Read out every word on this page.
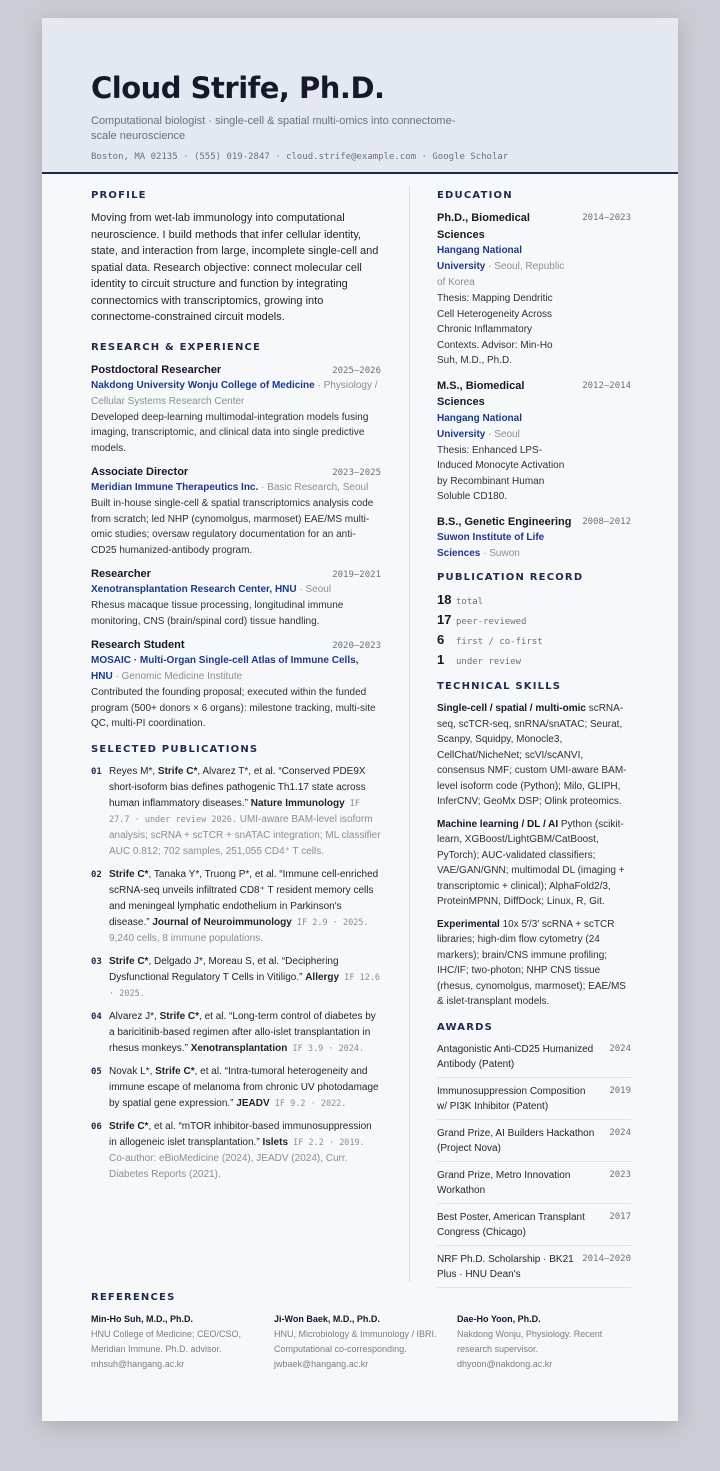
Cloud Strife, Ph.D.
Computational biologist · single-cell & spatial multi-omics into connectome-scale neuroscience
Boston, MA 02135 · (555) 019-2847 · cloud.strife@example.com · Google Scholar
PROFILE
Moving from wet-lab immunology into computational neuroscience. I build methods that infer cellular identity, state, and interaction from large, incomplete single-cell and spatial data. Research objective: connect molecular cell identity to circuit structure and function by integrating connectomics with transcriptomics, growing into connectome-constrained circuit models.
RESEARCH & EXPERIENCE
Postdoctoral Researcher	2025–2026
Nakdong University Wonju College of Medicine · Physiology / Cellular Systems Research Center
Developed deep-learning multimodal-integration models fusing imaging, transcriptomic, and clinical data into single predictive models.
Associate Director	2023–2025
Meridian Immune Therapeutics Inc. · Basic Research, Seoul
Built in-house single-cell & spatial transcriptomics analysis code from scratch; led NHP (cynomolgus, marmoset) EAE/MS multi-omic studies; oversaw regulatory documentation for an anti-CD25 humanized-antibody program.
Researcher	2019–2021
Xenotransplantation Research Center, HNU · Seoul
Rhesus macaque tissue processing, longitudinal immune monitoring, CNS (brain/spinal cord) tissue handling.
Research Student	2020–2023
MOSAIC · Multi-Organ Single-cell Atlas of Immune Cells, HNU · Genomic Medicine Institute
Contributed the founding proposal; executed within the funded program (500+ donors × 6 organs): milestone tracking, multi-site QC, multi-PI coordination.
SELECTED PUBLICATIONS
01 Reyes M*, Strife C*, Alvarez T*, et al. “Conserved PDE9X short-isoform bias defines pathogenic Th1.17 state across human inflammatory diseases.” Nature Immunology IF 27.7 · under review 2026. UMI-aware BAM-level isoform analysis; scRNA + scTCR + snATAC integration; ML classifier AUC 0.812; 702 samples, 251,055 CD4⁺ T cells.
02 Strife C*, Tanaka Y*, Truong P*, et al. “Immune cell-enriched scRNA-seq unveils infiltrated CD8⁺ T resident memory cells and meningeal lymphatic endothelium in Parkinson's disease.” Journal of Neuroimmunology IF 2.9 · 2025. 9,240 cells, 8 immune populations.
03 Strife C*, Delgado J*, Moreau S, et al. “Deciphering Dysfunctional Regulatory T Cells in Vitiligo.” Allergy IF 12.6 · 2025.
04 Alvarez J*, Strife C*, et al. “Long-term control of diabetes by a baricitinib-based regimen after allo-islet transplantation in rhesus monkeys.” Xenotransplantation IF 3.9 · 2024.
05 Novak L*, Strife C*, et al. “Intra-tumoral heterogeneity and immune escape of melanoma from chronic UV photodamage by spatial gene expression.” JEADV IF 9.2 · 2022.
06 Strife C*, et al. “mTOR inhibitor-based immunosuppression in allogeneic islet transplantation.” Islets IF 2.2 · 2019. Co-author: eBioMedicine (2024), JEADV (2024), Curr. Diabetes Reports (2021).
EDUCATION
Ph.D., Biomedical Sciences
2014–2023
Hangang National University · Seoul, Republic of Korea
Thesis: Mapping Dendritic Cell Heterogeneity Across Chronic Inflammatory Contexts. Advisor: Min-Ho Suh, M.D., Ph.D.
M.S., Biomedical Sciences
2012–2014
Hangang National University · Seoul
Thesis: Enhanced LPS-Induced Monocyte Activation by Recombinant Human Soluble CD180.
B.S., Genetic Engineering	2008–2012
Suwon Institute of Life Sciences · Suwon
PUBLICATION RECORD
18 total
17 peer-reviewed
6	first / co-first
1	under review
TECHNICAL SKILLS
Single-cell / spatial / multi-omic scRNA-seq, scTCR-seq, snRNA/snATAC; Seurat, Scanpy, Squidpy, Monocle3, CellChat/NicheNet; scVI/scANVI, consensus NMF; custom UMI-aware BAM-level isoform code (Python); Milo, GLIPH, InferCNV; GeoMx DSP; Olink proteomics.
Machine learning / DL / AI Python (scikit-learn, XGBoost/LightGBM/CatBoost, PyTorch); AUC-validated classifiers; VAE/GAN/GNN; multimodal DL (imaging + transcriptomic + clinical); AlphaFold2/3, ProteinMPNN, DiffDock; Linux, R, Git.
Experimental 10x 5′/3′ scRNA + scTCR libraries; high-dim flow cytometry (24 markers); brain/CNS immune profiling; IHC/IF; two-photon; NHP CNS tissue (rhesus, cynomolgus, marmoset); EAE/MS & islet-transplant models.
AWARDS
Antagonistic Anti-CD25 Humanized Antibody (Patent)
2024
Immunosuppression Composition w/ PI3K Inhibitor (Patent)
2019
Grand Prize, AI Builders Hackathon (Project Nova)
2024
Grand Prize, Metro Innovation Workathon
2023
Best Poster, American Transplant Congress (Chicago)
2017
NRF Ph.D. Scholarship · BK21 Plus · HNU Dean's
2014–2020
REFERENCES
Min-Ho Suh, M.D., Ph.D.
HNU College of Medicine; CEO/CSO, Meridian Immune. Ph.D. advisor.
mhsuh@hangang.ac.kr
Ji-Won Baek, M.D., Ph.D.
HNU, Microbiology & Immunology / IBRI. Computational co-corresponding.
jwbaek@hangang.ac.kr
Dae-Ho Yoon, Ph.D.
Nakdong Wonju, Physiology. Recent research supervisor.
dhyoon@nakdong.ac.kr
